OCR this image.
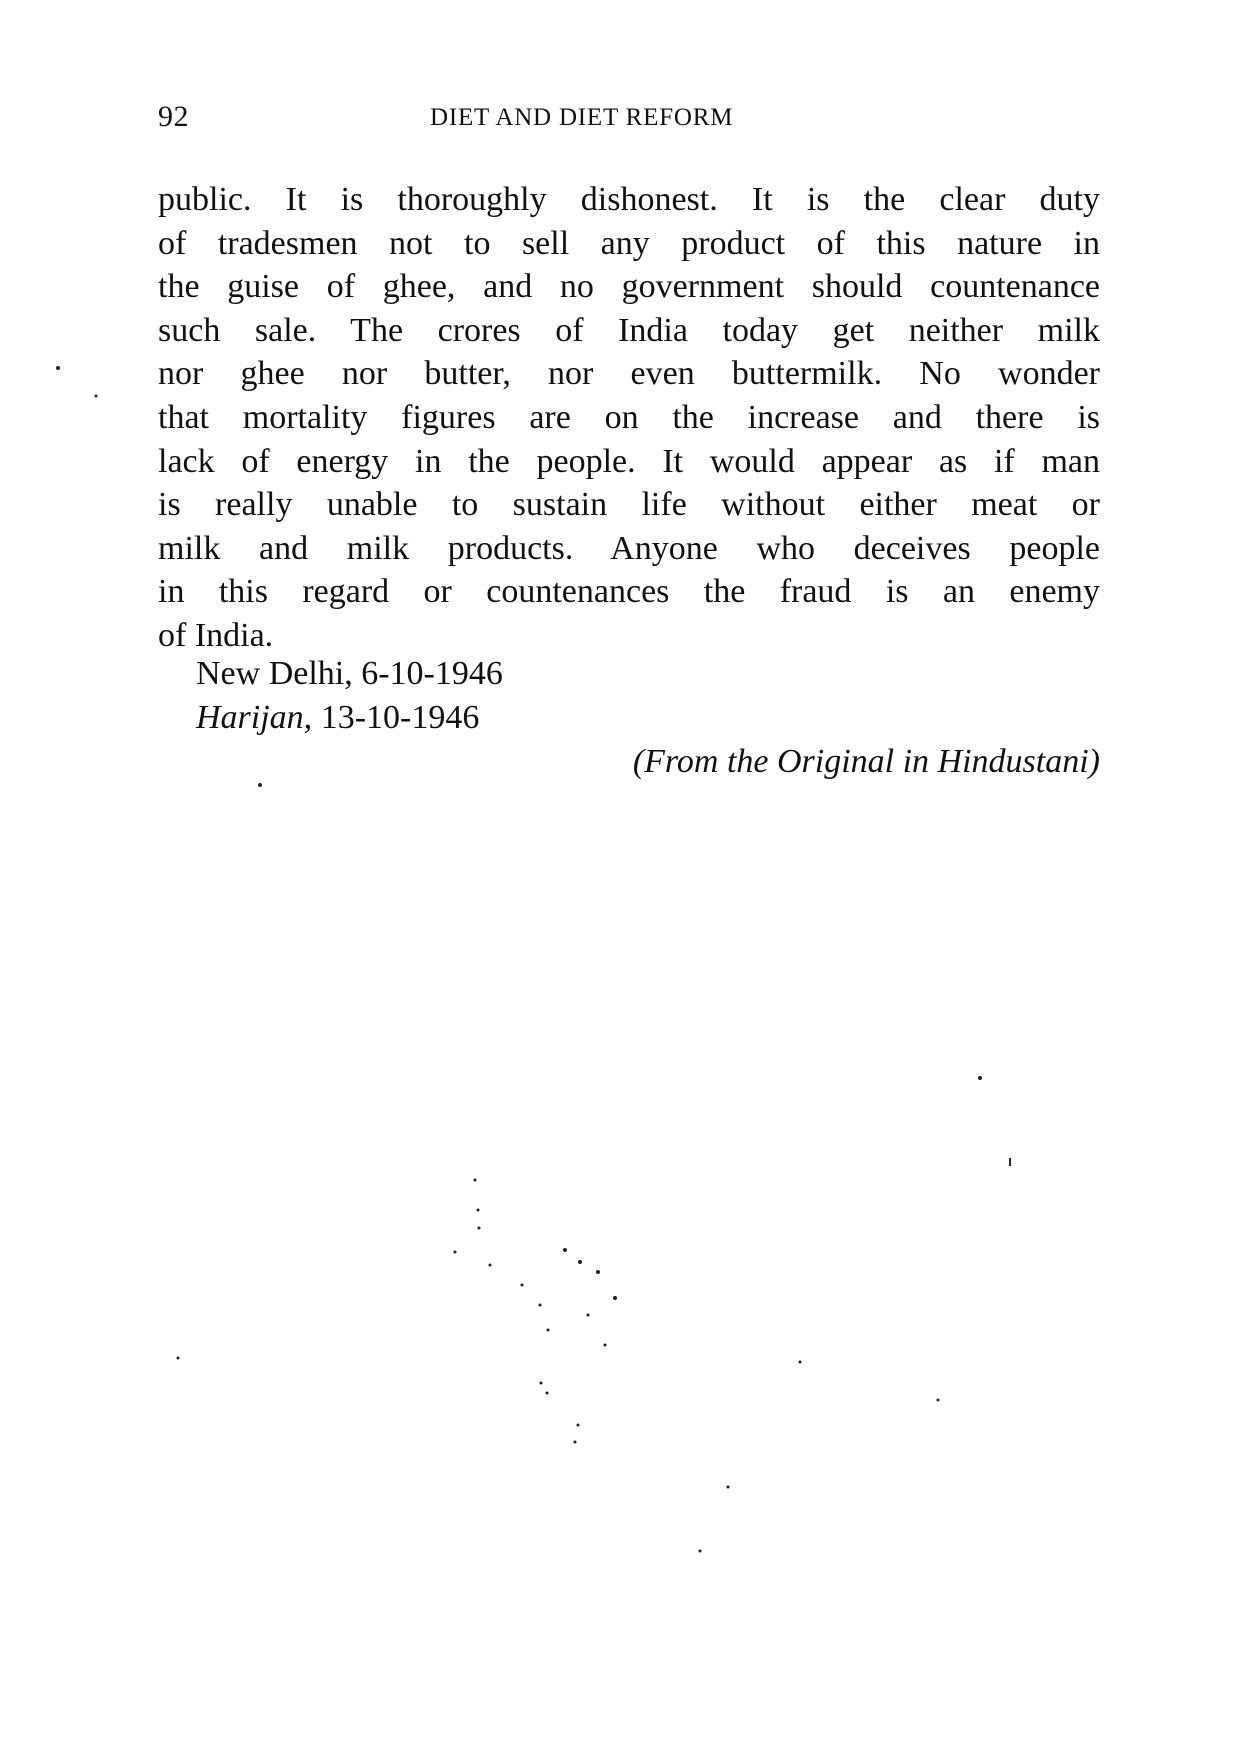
92	DIET AND DIET REFORM
public. It is thoroughly dishonest. It is the clear duty
of tradesmen not to sell any product of this nature in
the guise of ghee, and no government should countenance
such sale. The crores of India today get neither milk
nor ghee nor butter, nor even buttermilk. No wonder
that mortality figures are on the increase and there is
lack of energy in the people. It would appear as if man
is really unable to sustain life without either meat or
milk and milk products. Anyone who deceives people
in this regard or countenances the fraud is an enemy
of India.
New Delhi, 6-10-1946
Harijan, 13-10-1946
(From the Original in Hindustani)
